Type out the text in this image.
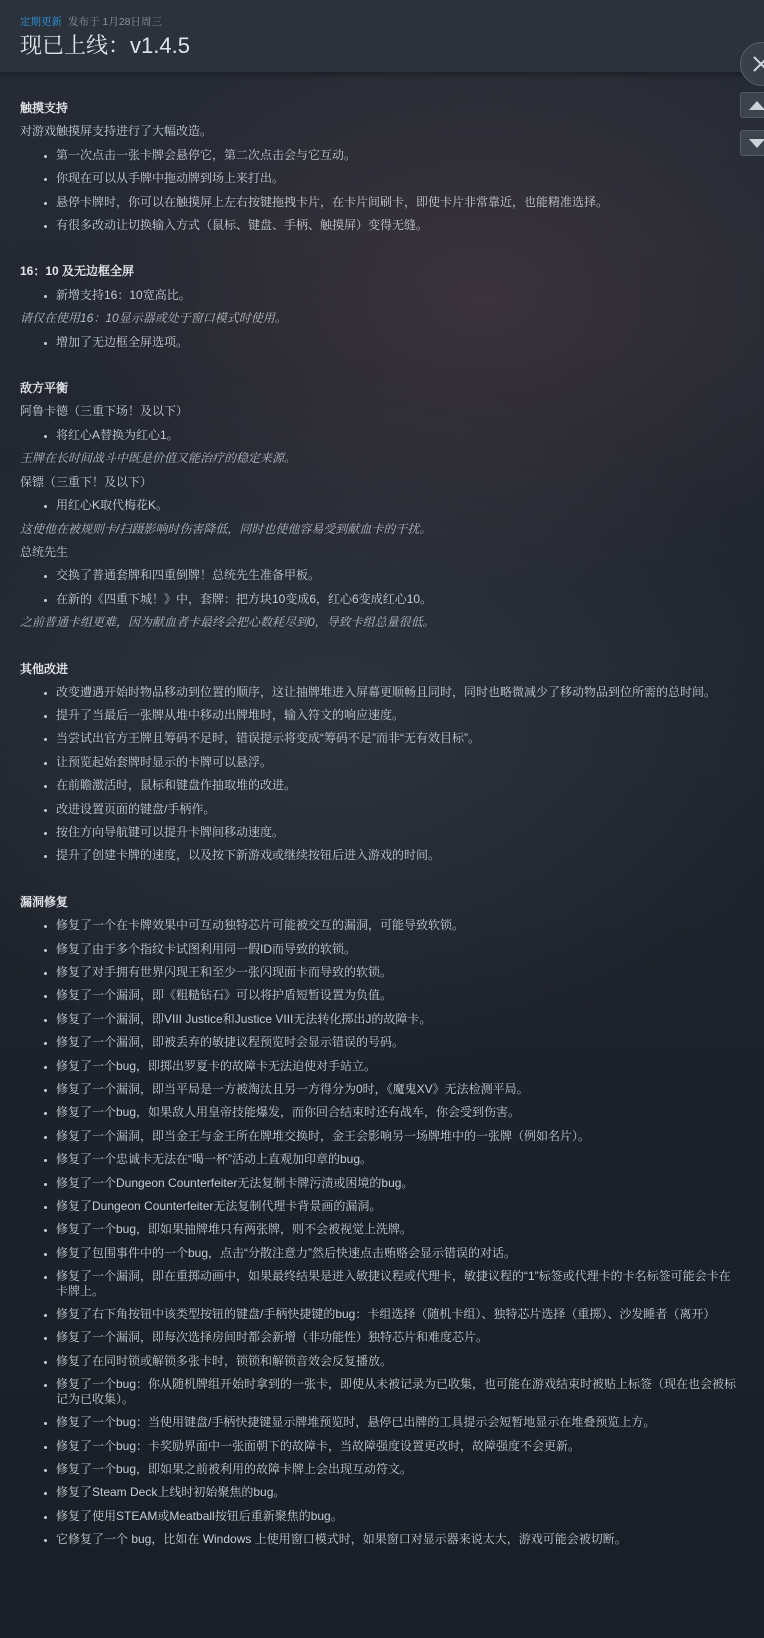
定期更新 发布于 1月28日周三
现已上线：v1.4.5
触摸支持
对游戏触摸屏支持进行了大幅改造。
• 第一次点击一张卡牌会悬停它，第二次点击会与它互动。
• 你现在可以从手牌中拖动牌到场上来打出。
• 悬停卡牌时，你可以在触摸屏上左右按键拖拽卡片，在卡片间刷卡，即使卡片非常靠近，也能精准选择。
• 有很多改动让切换输入方式（鼠标、键盘、手柄、触摸屏）变得无缝。
16：10 及无边框全屏
• 新增支持16：10宽高比。
请仅在使用16：10显示器或处于窗口模式时使用。
• 增加了无边框全屏选项。
敌方平衡
阿鲁卡德（三重下场！及以下）
• 将红心A替换为红心1。
王牌在长时间战斗中既是价值又能治疗的稳定来源。
保镖（三重下！及以下）
• 用红心K取代梅花K。
这使他在被规则卡/扫蹑影响时伤害降低，同时也使他容易受到献血卡的干扰。
总统先生
• 交换了普通套牌和四重倒牌！总统先生准备甲板。
• 在新的《四重下城！》中，套牌：把方块10变成6，红心6变成红心10。
之前普通卡组更难，因为献血者卡最终会把心数耗尽到0，导致卡组总量很低。
其他改进
• 改变遭遇开始时物品移动到位置的顺序，这让抽牌堆进入屏幕更顺畅且同时，同时也略微减少了移动物品到位所需的总时间。
• 提升了当最后一张牌从堆中移动出牌堆时，输入符文的响应速度。
• 当尝试出官方王牌且筹码不足时，错误提示将变成“筹码不足”而非“无有效目标”。
• 让预览起始套牌时显示的卡牌可以悬浮。
• 在前瞻激活时，鼠标和键盘作抽取堆的改进。
• 改进设置页面的键盘/手柄作。
• 按住方向导航键可以提升卡牌间移动速度。
• 提升了创建卡牌的速度，以及按下新游戏或继续按钮后进入游戏的时间。
漏洞修复
• 修复了一个在卡牌效果中可互动独特芯片可能被交互的漏洞，可能导致软锁。
• 修复了由于多个指纹卡试图利用同一假ID而导致的软锁。
• 修复了对手拥有世界闪现王和至少一张闪现面卡而导致的软锁。
• 修复了一个漏洞，即《粗糙钻石》可以将护盾短暂设置为负值。
• 修复了一个漏洞，即VIII Justice和Justice VIII无法转化掷出J的故障卡。
• 修复了一个漏洞，即被丢弃的敏捷议程预览时会显示错误的号码。
• 修复了一个bug，即掷出罗夏卡的故障卡无法迫使对手站立。
• 修复了一个漏洞，即当平局是一方被淘汰且另一方得分为0时，《魔鬼XV》无法检测平局。
• 修复了一个bug，如果敌人用皇帝技能爆发，而你回合结束时还有战车，你会受到伤害。
• 修复了一个漏洞，即当金王与金王所在牌堆交换时，金王会影响另一场牌堆中的一张牌（例如名片）。
• 修复了一个忠诚卡无法在“喝一杯”活动上直观加印章的bug。
• 修复了一个Dungeon Counterfeiter无法复制卡牌污渍或困境的bug。
• 修复了Dungeon Counterfeiter无法复制代理卡背景画的漏洞。
• 修复了一个bug，即如果抽牌堆只有两张牌，则不会被视觉上洗牌。
• 修复了包围事件中的一个bug，点击“分散注意力”然后快速点击贿赂会显示错误的对话。
• 修复了一个漏洞，即在重掷动画中，如果最终结果是进入敏捷议程或代理卡，敏捷议程的“1”标签或代理卡的卡名标签可能会卡在卡牌上。
• 修复了右下角按钮中该类型按钮的键盘/手柄快捷键的bug：卡组选择（随机卡组）、独特芯片选择（重掷）、沙发睡者（离开）
• 修复了一个漏洞，即每次选择房间时都会新增（非功能性）独特芯片和难度芯片。
• 修复了在同时锁或解锁多张卡时，锁锁和解锁音效会反复播放。
• 修复了一个bug：你从随机牌组开始时拿到的一张卡，即使从未被记录为已收集，也可能在游戏结束时被贴上标签（现在也会被标记为已收集）。
• 修复了一个bug：当使用键盘/手柄快捷键显示牌堆预览时，悬停已出牌的工具提示会短暂地显示在堆叠预览上方。
• 修复了一个bug：卡奖励界面中一张面朝下的故障卡，当故障强度设置更改时，故障强度不会更新。
• 修复了一个bug，即如果之前被利用的故障卡牌上会出现互动符文。
• 修复了Steam Deck上线时初始聚焦的bug。
• 修复了使用STEAM或Meatball按钮后重新聚焦的bug。
• 它修复了一个 bug，比如在 Windows 上使用窗口模式时，如果窗口对显示器来说太大，游戏可能会被切断。
